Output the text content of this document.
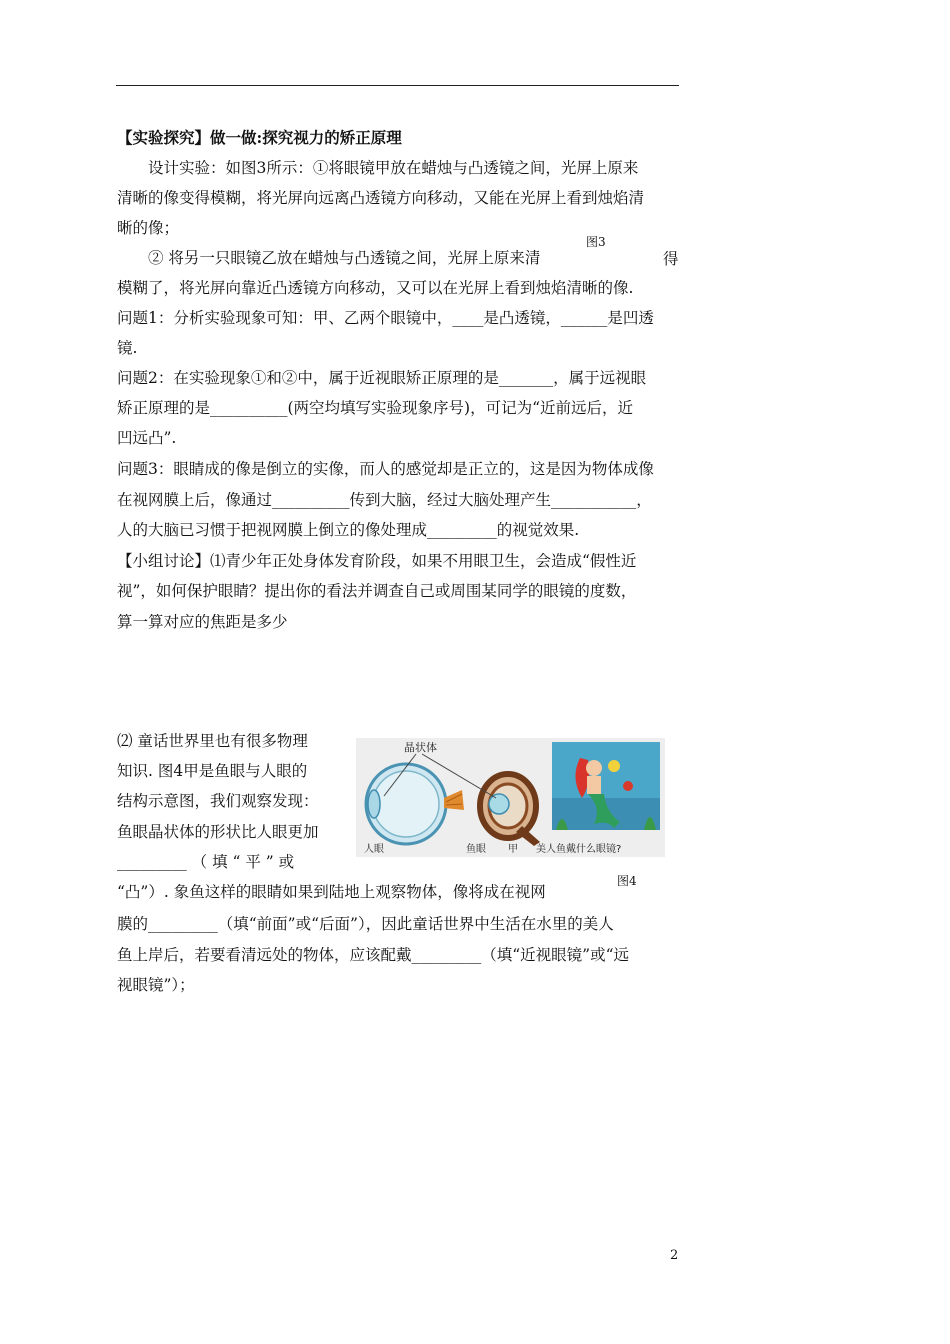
【实验探究】做一做:探究视力的矫正原理
设计实验：如图3所示：①将眼镜甲放在蜡烛与凸透镜之间，光屏上原来
清晰的像变得模糊，将光屏向远离凸透镜方向移动，又能在光屏上看到烛焰清
晰的像；
图3
② 将另一只眼镜乙放在蜡烛与凸透镜之间，光屏上原来清	得
模糊了，将光屏向靠近凸透镜方向移动，又可以在光屏上看到烛焰清晰的像.
问题1：分析实验现象可知：甲、乙两个眼镜中，____是凸透镜，______是凹透
镜.
问题2：在实验现象①和②中，属于近视眼矫正原理的是_______，属于远视眼
矫正原理的是__________(两空均填写实验现象序号)，可记为“近前远后，近
凹远凸”.
问题3：眼睛成的像是倒立的实像，而人的感觉却是正立的，这是因为物体成像
在视网膜上后，像通过__________传到大脑，经过大脑处理产生___________，
人的大脑已习惯于把视网膜上倒立的像处理成_________的视觉效果.
【小组讨论】⑴青少年正处身体发育阶段，如果不用眼卫生，会造成“假性近
视”，如何保护眼睛？提出你的看法并调查自己或周围某同学的眼镜的度数，
算一算对应的焦距是多少
⑵ 童话世界里也有很多物理
知识. 图4甲是鱼眼与人眼的
结构示意图，我们观察发现：
鱼眼晶状体的形状比人眼更加
_________ （ 填 “ 平 ” 或
晶状体
人眼	鱼眼 甲 美人鱼戴什么眼镜?
“凸”）. 象鱼这样的眼睛如果到陆地上观察物体，像将成在视网
图4
膜的_________（填“前面”或“后面”），因此童话世界中生活在水里的美人
鱼上岸后，若要看清远处的物体，应该配戴_________（填“近视眼镜”或“远
视眼镜”）；
2
